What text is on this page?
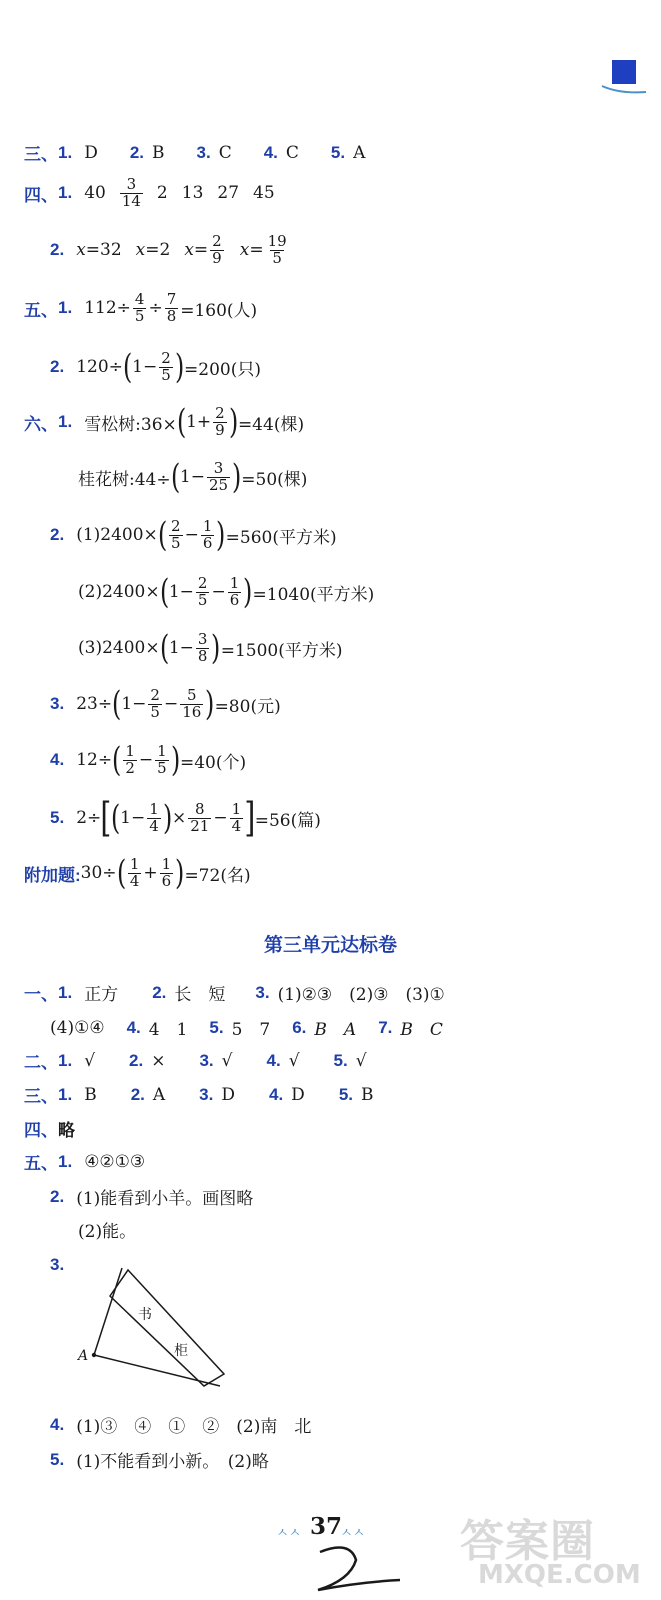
三、 1. D 2. B 3. C 4. C 5. A
四、 1. $40 \frac{3}{14} 2$ 13 27 45
2. x =32 x =2 $x = \frac{2}{9}$ $x = \frac{19}{5}$
五、 1. $112\div \frac{4}{5} \div \frac{7}{8} =160$(人)
2. 120÷ ( $1- \frac{2}{5}$ ) =200(只)
六、 1. 雪松树:36× ( $1+ \frac{2}{9}$ ) =44(棵)
桂花树:44÷ ( $1- \frac{3}{25}$ ) =50(棵)
2. (1)2400× ( $\frac{2}{5} - \frac{1}{6}$ ) =560(平方米)
(2)2400× ( $1- \frac{2}{5} - \frac{1}{6}$ ) =1040(平方米)
(3)2400× ( $1- \frac{3}{8}$ ) =1500(平方米)
3. 23÷ ( $1- \frac{2}{5} - \frac{5}{16}$ ) =80(元)
4. 12÷ ( $\frac{1}{2} - \frac{1}{5}$ ) =40(个)
5. 2÷ [ ( $1- \frac{1}{4}$ ) × $\frac{8}{21} - \frac{1}{4}$ ] =56(篇)
附加题: 30÷ ( $\frac{1}{4} + \frac{1}{6}$ ) =72(名)
第三单元达标卷
一、 1. 正方 2. 长　短 3. (1)②③　(2)③　(3)①
(4)①④ 4. 4　1 5. 5　7 6. B　A 7. B　C
二、 1. √ 2. × 3. √ 4. √ 5. √
三、 1. B 2. A 3. D 4. D 5. B
四、 略
五、 1. ④②①③
2. (1)能看到小羊。画图略
(2)能。
3.
A
书
柜
4. (1)③　④　①　②　(2)南　北
5. (1)不能看到小新。　(2)略
ㅅㅅ 37
ㅅㅅ 答案圈
MXQE.COM
